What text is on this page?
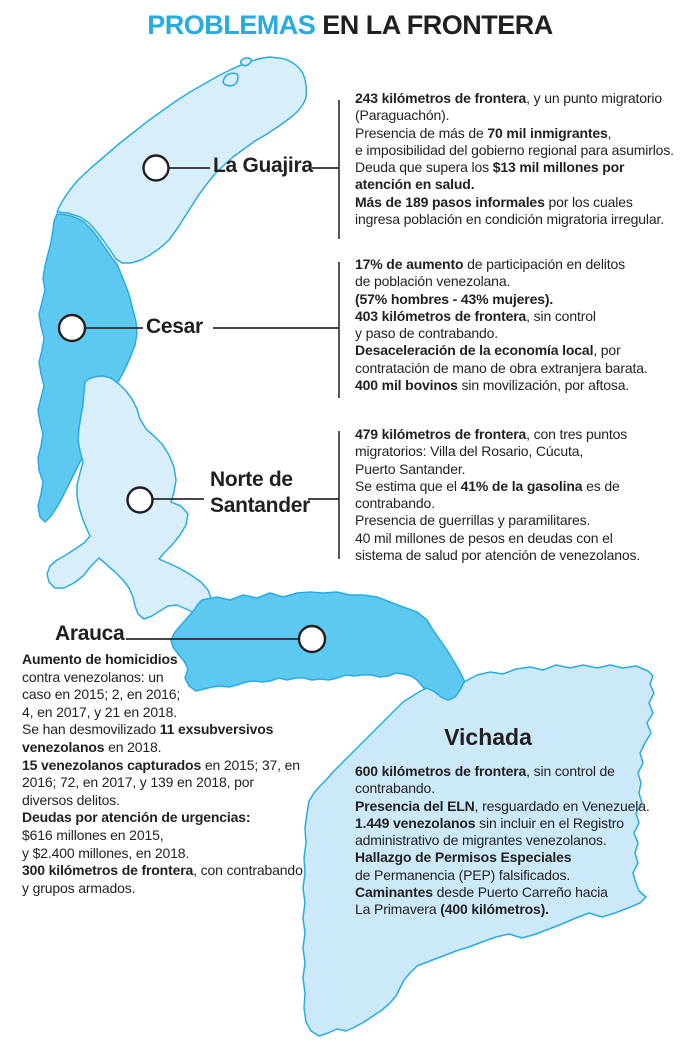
PROBLEMAS EN LA FRONTERA
La Guajira
Cesar
Norte de
Santander
Arauca
Vichada
243 kilómetros de frontera, y un punto migratorio
(Paraguachón).
Presencia de más de 70 mil inmigrantes,
e imposibilidad del gobierno regional para asumirlos.
Deuda que supera los $13 mil millones por
atención en salud.
Más de 189 pasos informales por los cuales
ingresa población en condición migratoria irregular.
17% de aumento de participación en delitos
de población venezolana.
(57% hombres - 43% mujeres).
403 kilómetros de frontera, sin control
y paso de contrabando.
Desaceleración de la economía local, por
contratación de mano de obra extranjera barata.
400 mil bovinos sin movilización, por aftosa.
479 kilómetros de frontera, con tres puntos
migratorios: Villa del Rosario, Cúcuta,
Puerto Santander.
Se estima que el 41% de la gasolina es de
contrabando.
Presencia de guerrillas y paramilitares.
40 mil millones de pesos en deudas con el
sistema de salud por atención de venezolanos.
Aumento de homicidios
contra venezolanos: un
caso en 2015; 2, en 2016;
4, en 2017, y 21 en 2018.
Se han desmovilizado 11 exsubversivos
venezolanos en 2018.
15 venezolanos capturados en 2015; 37, en
2016; 72, en 2017, y 139 en 2018, por
diversos delitos.
Deudas por atención de urgencias:
$616 millones en 2015,
y $2.400 millones, en 2018.
300 kilómetros de frontera, con contrabando
y grupos armados.
600 kilómetros de frontera, sin control de
contrabando.
Presencia del ELN, resguardado en Venezuela.
1.449 venezolanos sin incluir en el Registro
administrativo de migrantes venezolanos.
Hallazgo de Permisos Especiales
de Permanencia (PEP) falsificados.
Caminantes desde Puerto Carreño hacia
La Primavera (400 kilómetros).
